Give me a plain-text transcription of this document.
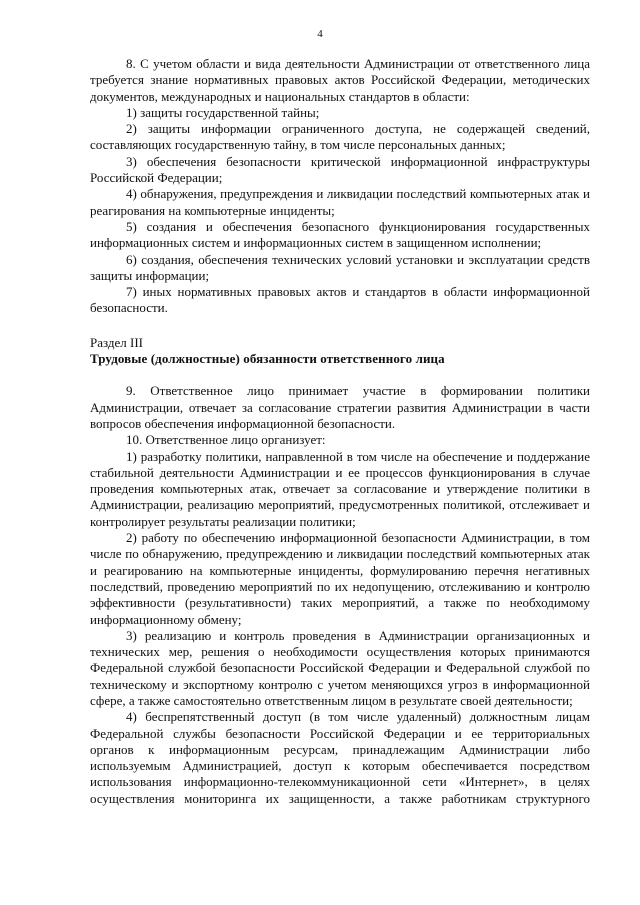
4

8. С учетом области и вида деятельности Администрации от ответственного лица требуется знание нормативных правовых актов Российской Федерации, методических документов, международных и национальных стандартов в области:

1) защиты государственной тайны;

2) защиты информации ограниченного доступа, не содержащей сведений, составляющих государственную тайну, в том числе персональных данных;

3) обеспечения безопасности критической информационной инфраструктуры Российской Федерации;

4) обнаружения, предупреждения и ликвидации последствий компьютерных атак и реагирования на компьютерные инциденты;

5) создания и обеспечения безопасного функционирования государственных информационных систем и информационных систем в защищенном исполнении;

6) создания, обеспечения технических условий установки и эксплуатации средств защиты информации;

7) иных нормативных правовых актов и стандартов в области информационной безопасности.

Раздел III

Трудовые (должностные) обязанности ответственного лица

9. Ответственное лицо принимает участие в формировании политики Администрации, отвечает за согласование стратегии развития Администрации в части вопросов обеспечения информационной безопасности.

10. Ответственное лицо организует:

1) разработку политики, направленной в том числе на обеспечение и поддержание стабильной деятельности Администрации и ее процессов функционирования в случае проведения компьютерных атак, отвечает за согласование и утверждение политики в Администрации, реализацию мероприятий, предусмотренных политикой, отслеживает и контролирует результаты реализации политики;

2) работу по обеспечению информационной безопасности Администрации, в том числе по обнаружению, предупреждению и ликвидации последствий компьютерных атак и реагированию на компьютерные инциденты, формулированию перечня негативных последствий, проведению мероприятий по их недопущению, отслеживанию и контролю эффективности (результативности) таких мероприятий, а также по необходимому информационному обмену;

3) реализацию и контроль проведения в Администрации организационных и технических мер, решения о необходимости осуществления которых принимаются Федеральной службой безопасности Российской Федерации и Федеральной службой по техническому и экспортному контролю с учетом меняющихся угроз в информационной сфере, а также самостоятельно ответственным лицом в результате своей деятельности;

4) беспрепятственный доступ (в том числе удаленный) должностным лицам Федеральной службы безопасности Российской Федерации и ее территориальных органов к информационным ресурсам, принадлежащим Администрации либо используемым Администрацией, доступ к которым обеспечивается посредством использования информационно-телекоммуникационной сети «Интернет», в целях осуществления мониторинга их защищенности, а также работникам структурного
